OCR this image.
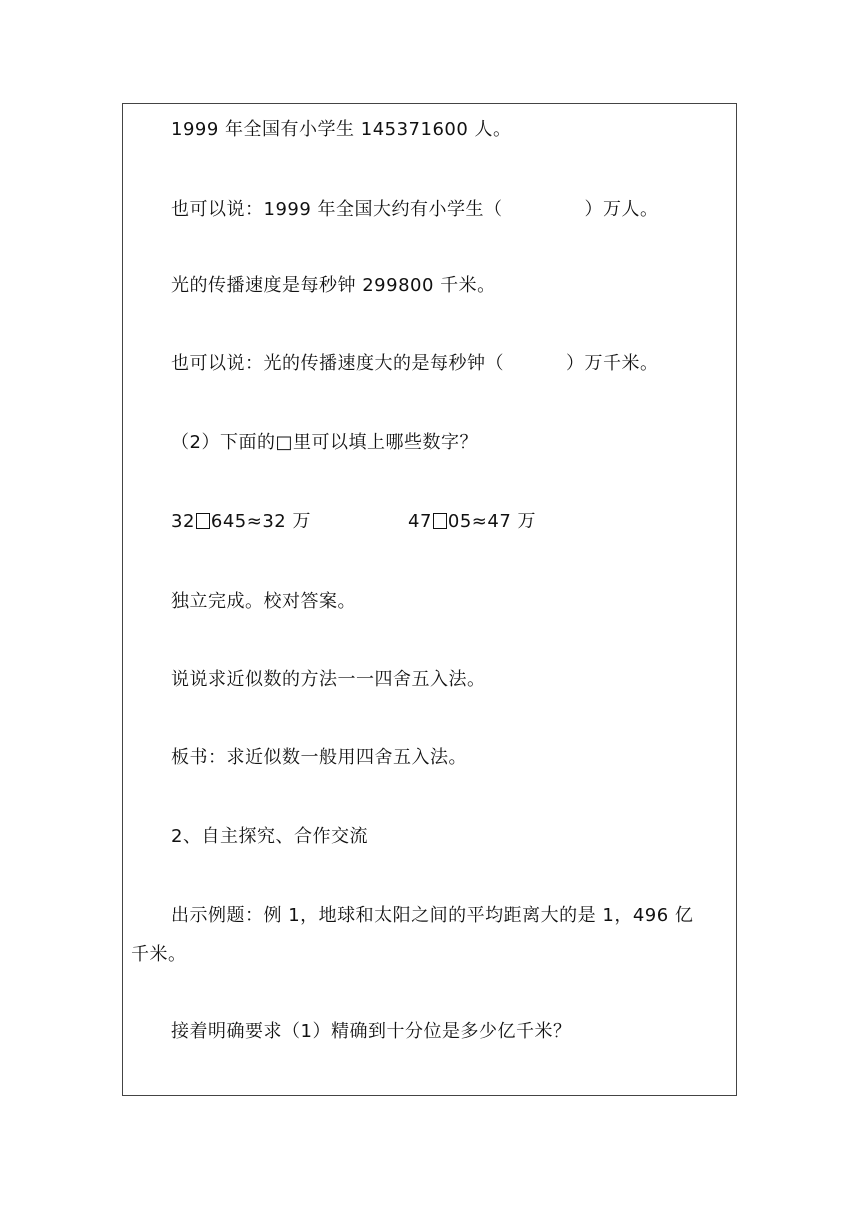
1999 年全国有小学生 145371600 人。
也可以说：1999 年全国大约有小学生（	）万人。
光的传播速度是每秒钟 299800 千米。
也可以说：光的传播速度大的是每秒钟（	）万千米。
（2）下面的□里可以填上哪些数字？
32 645≈32 万	47 05≈47 万
独立完成。校对答案。
说说求近似数的方法一一四舍五入法。
板书：求近似数一般用四舍五入法。
2、自主探究、合作交流
出示例题：例 1，地球和太阳之间的平均距离大的是 1，496 亿
千米。
接着明确要求（1）精确到十分位是多少亿千米？
